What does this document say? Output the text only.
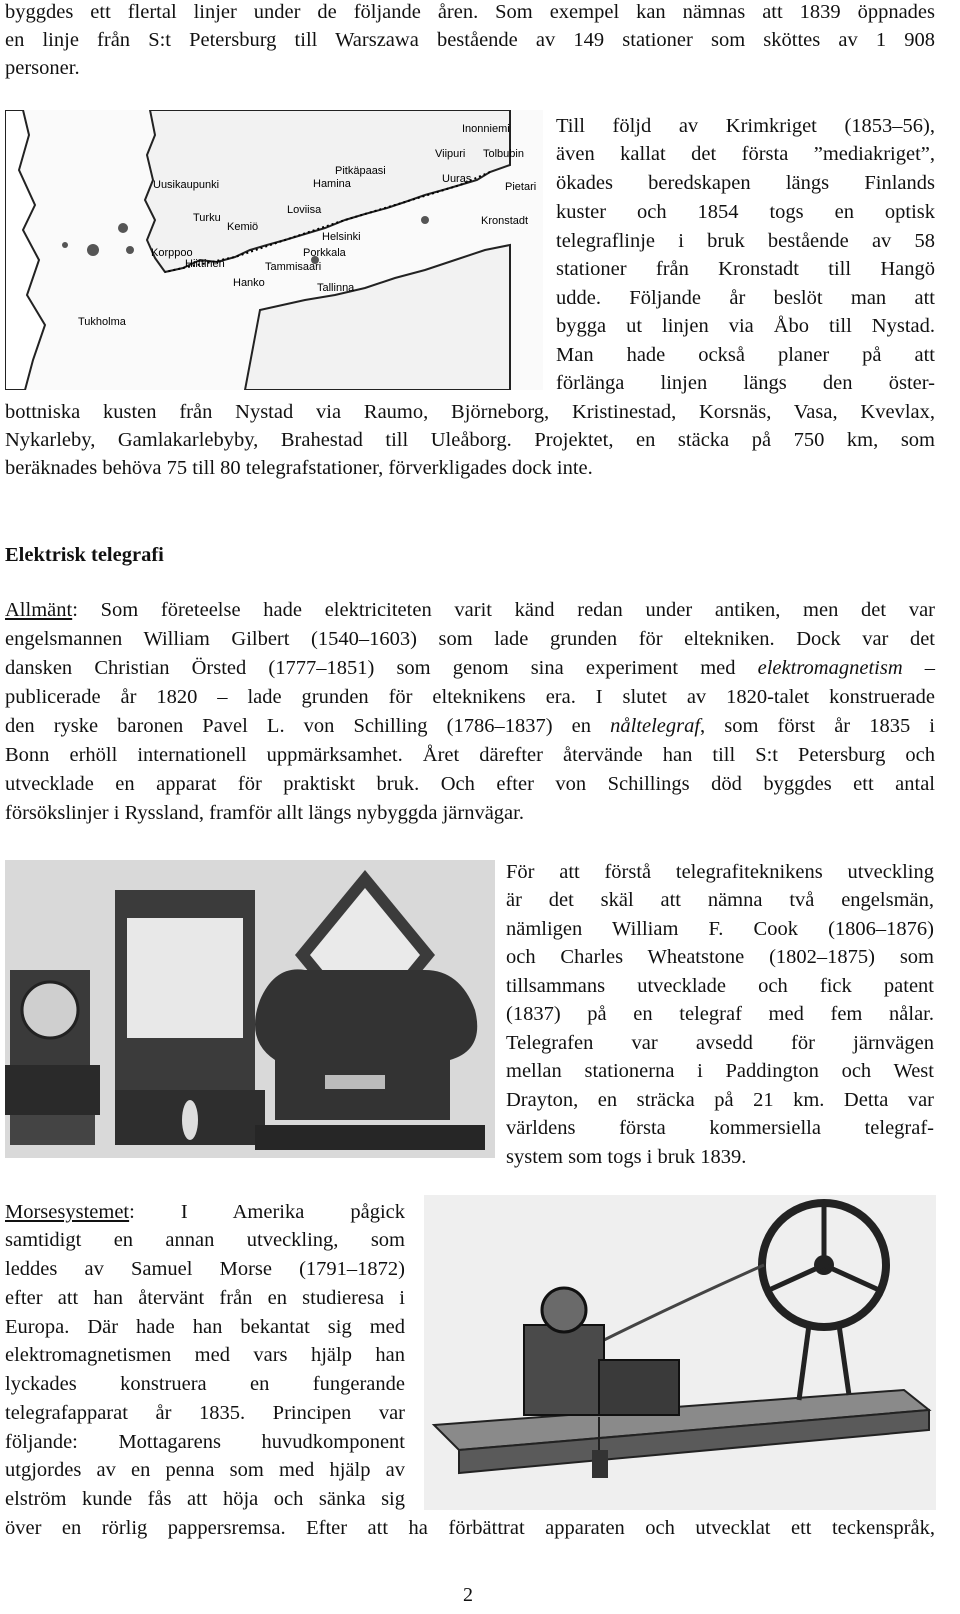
byggdes ett flertal linjer under de följande åren. Som exempel kan nämnas att 1839 öppnades
en linje från S:t Petersburg till Warszawa bestående av 149 stationer som sköttes av 1 908
personer.
Inonniemi
Viipuri Tolbubin
Pitkäpaasi
Uusikaupunki	Hamina	Uuras
Pietari
Loviisa
Turku
Kemiö	Kronstadt
Helsinki
Korppoo	Porkkala
Hiittinen	Tammisaari
Hanko	Tallinna
Tukholma
Till följd av Krimkriget (1853–56),
även kallat det första ”mediakriget”,
ökades beredskapen längs Finlands
kuster och 1854 togs en optisk
telegraflinje i bruk bestående av 58
stationer från Kronstadt till Hangö
udde. Följande år beslöt man att
bygga ut linjen via Åbo till Nystad.
Man hade också planer på att
förlänga linjen längs den öster-
bottniska kusten från Nystad via Raumo, Björneborg, Kristinestad, Korsnäs, Vasa, Kvevlax,
Nykarleby, Gamlakarlebyby, Brahestad till Uleåborg. Projektet, en stäcka på 750 km, som
beräknades behöva 75 till 80 telegrafstationer, förverkligades dock inte.
Elektrisk telegrafi
Allmänt: Som företeelse hade elektriciteten varit känd redan under antiken, men det var
engelsmannen William Gilbert (1540–1603) som lade grunden för eltekniken. Dock var det
dansken Christian Örsted (1777–1851) som genom sina experiment med elektromagnetism –
publicerade år 1820 – lade grunden för elteknikens era. I slutet av 1820-talet konstruerade
den ryske baronen Pavel L. von Schilling (1786–1837) en nåltelegraf, som först år 1835 i
Bonn erhöll internationell uppmärksamhet. Året därefter återvände han till S:t Petersburg och
utvecklade en apparat för praktiskt bruk. Och efter von Schillings död byggdes ett antal
försökslinjer i Ryssland, framför allt längs nybyggda järnvägar.
För att förstå telegrafiteknikens utveckling
är det skäl att nämna två engelsmän,
nämligen William F. Cook (1806–1876)
och Charles Wheatstone (1802–1875) som
tillsammans utvecklade och fick patent
(1837) på en telegraf med fem nålar.
Telegrafen var avsedd för järnvägen
mellan stationerna i Paddington och West
Drayton, en sträcka på 21 km. Detta var
världens första kommersiella telegraf-
system som togs i bruk 1839.
Morsesystemet: I Amerika pågick
samtidigt en annan utveckling, som
leddes av Samuel Morse (1791–1872)
efter att han återvänt från en studieresa i
Europa. Där hade han bekantat sig med
elektromagnetismen med vars hjälp han
lyckades konstruera en fungerande
telegrafapparat år 1835. Principen var
följande: Mottagarens huvudkomponent
utgjordes av en penna som med hjälp av
elström kunde fås att höja och sänka sig
över en rörlig pappersremsa. Efter att ha förbättrat apparaten och utvecklat ett teckenspråk,
2
